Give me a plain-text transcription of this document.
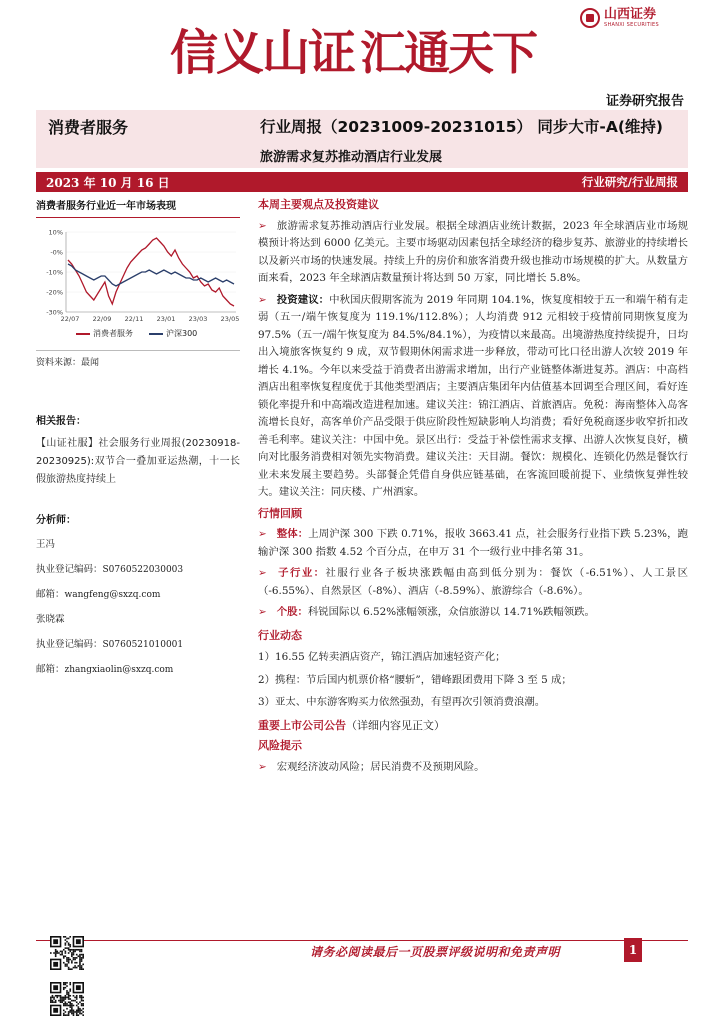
信义山证 汇通天下
山西证券
SHANXI SECURITIES
证券研究报告
消费者服务	行业周报（20231009-20231015） 同步大市-A(维持)
旅游需求复苏推动酒店行业发展
2023 年 10 月 16 日	行业研究/行业周报
消费者服务行业近一年市场表现
10%
-0%
-10%
-20%
-30%
22/07 22/09 22/11 23/01 23/03 23/05
消费者服务	沪深300
资料来源：最闻
相关报告：
【山证社服】社会服务行业周报(20230918-20230925):双节合一叠加亚运热潮，十一长假旅游热度持续上
分析师：
王冯
执业登记编码：S0760522030003
邮箱：wangfeng@sxzq.com
张晓霖
执业登记编码：S0760521010001
邮箱：zhangxiaolin@sxzq.com
本周主要观点及投资建议
➢ 旅游需求复苏推动酒店行业发展。根据全球酒店业统计数据，2023 年全球酒店业市场规模预计将达到 6000 亿美元。主要市场驱动因素包括全球经济的稳步复苏、旅游业的持续增长以及新兴市场的快速发展。持续上升的房价和旅客消费升级也推动市场规模的扩大。从数量方面来看，2023 年全球酒店数量预计将达到 50 万家，同比增长 5.8%。
➢ 投资建议：中秋国庆假期客流为 2019 年同期 104.1%，恢复度相较于五一和端午稍有走弱（五一/端午恢复度为 119.1%/112.8%）；人均消费 912 元相较于疫情前同期恢复度为 97.5%（五一/端午恢复度为 84.5%/84.1%），为疫情以来最高。出境游热度持续提升，日均出入境旅客恢复约 9 成，双节假期休闲需求进一步释放，带动可比口径出游人次较 2019 年增长 4.1%。今年以来受益于消费者出游需求增加，出行产业链整体渐进复苏。酒店：中高档酒店出租率恢复程度优于其他类型酒店；主要酒店集团年内估值基本回调至合理区间，看好连锁化率提升和中高端改造进程加速。建议关注：锦江酒店、首旅酒店。免税：海南整体入岛客流增长良好，高客单价产品受限于供应阶段性短缺影响人均消费；看好免税商逐步收窄折扣改善毛利率。建议关注：中国中免。景区出行：受益于补偿性需求支撑、出游人次恢复良好，横向对比服务消费相对领先实物消费。建议关注：天目湖。餐饮：规模化、连锁化仍然是餐饮行业未来发展主要趋势。头部餐企凭借自身供应链基础，在客流回暖前提下、业绩恢复弹性较大。建议关注：同庆楼、广州酒家。
行情回顾
➢ 整体：上周沪深 300 下跌 0.71%，报收 3663.41 点，社会服务行业指下跌 5.23%，跑输沪深 300 指数 4.52 个百分点，在申万 31 个一级行业中排名第 31。
➢ 子行业：社服行业各子板块涨跌幅由高到低分别为：餐饮（-6.51%）、人工景区（-6.55%）、自然景区（-8%）、酒店（-8.59%）、旅游综合（-8.6%）。
➢ 个股：科锐国际以 6.52%涨幅领涨，众信旅游以 14.71%跌幅领跌。
行业动态
1）16.55 亿转卖酒店资产，锦江酒店加速轻资产化；
2）携程：节后国内机票价格“腰斩”，错峰跟团费用下降 3 至 5 成；
3）亚太、中东游客购买力依然强劲，有望再次引领消费浪潮。
重要上市公司公告（详细内容见正文）
风险提示
➢ 宏观经济波动风险；居民消费不及预期风险。
请务必阅读最后一页股票评级说明和免责声明	1
